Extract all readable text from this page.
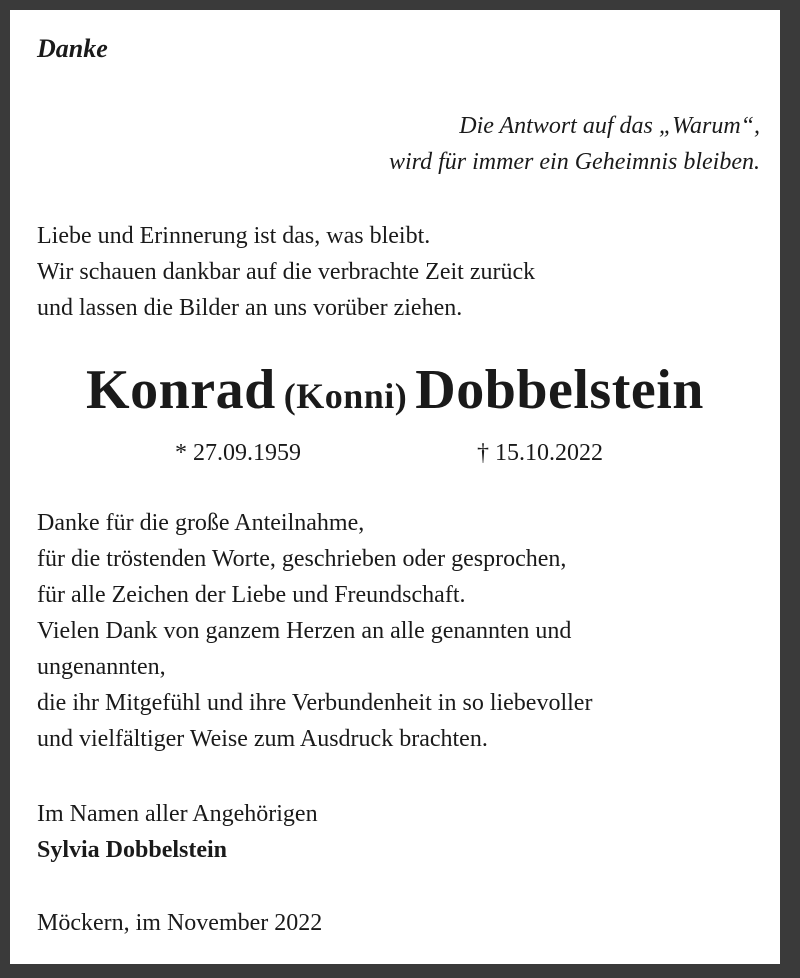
Danke
Die Antwort auf das „Warum“,
wird für immer ein Geheimnis bleiben.
Liebe und Erinnerung ist das, was bleibt.
Wir schauen dankbar auf die verbrachte Zeit zurück
und lassen die Bilder an uns vorüber ziehen.
Konrad (Konni) Dobbelstein
* 27.09.1959	† 15.10.2022
Danke für die große Anteilnahme,
für die tröstenden Worte, geschrieben oder gesprochen,
für alle Zeichen der Liebe und Freundschaft.
Vielen Dank von ganzem Herzen an alle genannten und
ungenannten,
die ihr Mitgefühl und ihre Verbundenheit in so liebevoller
und vielfältiger Weise zum Ausdruck brachten.
Im Namen aller Angehörigen
Sylvia Dobbelstein
Möckern, im November 2022
